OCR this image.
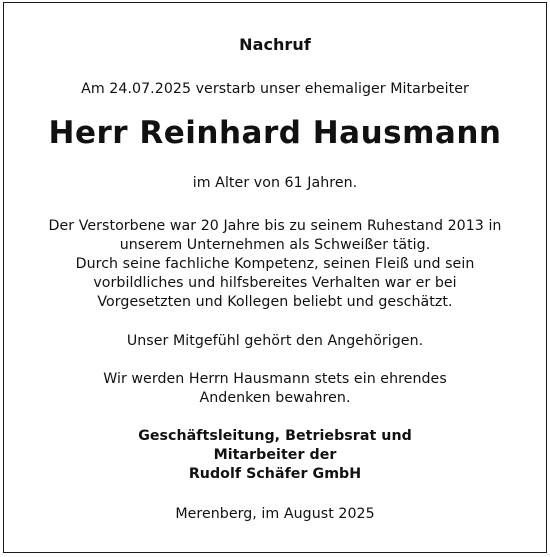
Nachruf
Am 24.07.2025 verstarb unser ehemaliger Mitarbeiter
Herr Reinhard Hausmann
im Alter von 61 Jahren.
Der Verstorbene war 20 Jahre bis zu seinem Ruhestand 2013 in
unserem Unternehmen als Schweißer tätig.
Durch seine fachliche Kompetenz, seinen Fleiß und sein
vorbildliches und hilfsbereites Verhalten war er bei
Vorgesetzten und Kollegen beliebt und geschätzt.
Unser Mitgefühl gehört den Angehörigen.
Wir werden Herrn Hausmann stets ein ehrendes
Andenken bewahren.
Geschäftsleitung, Betriebsrat und
Mitarbeiter der
Rudolf Schäfer GmbH
Merenberg, im August 2025
